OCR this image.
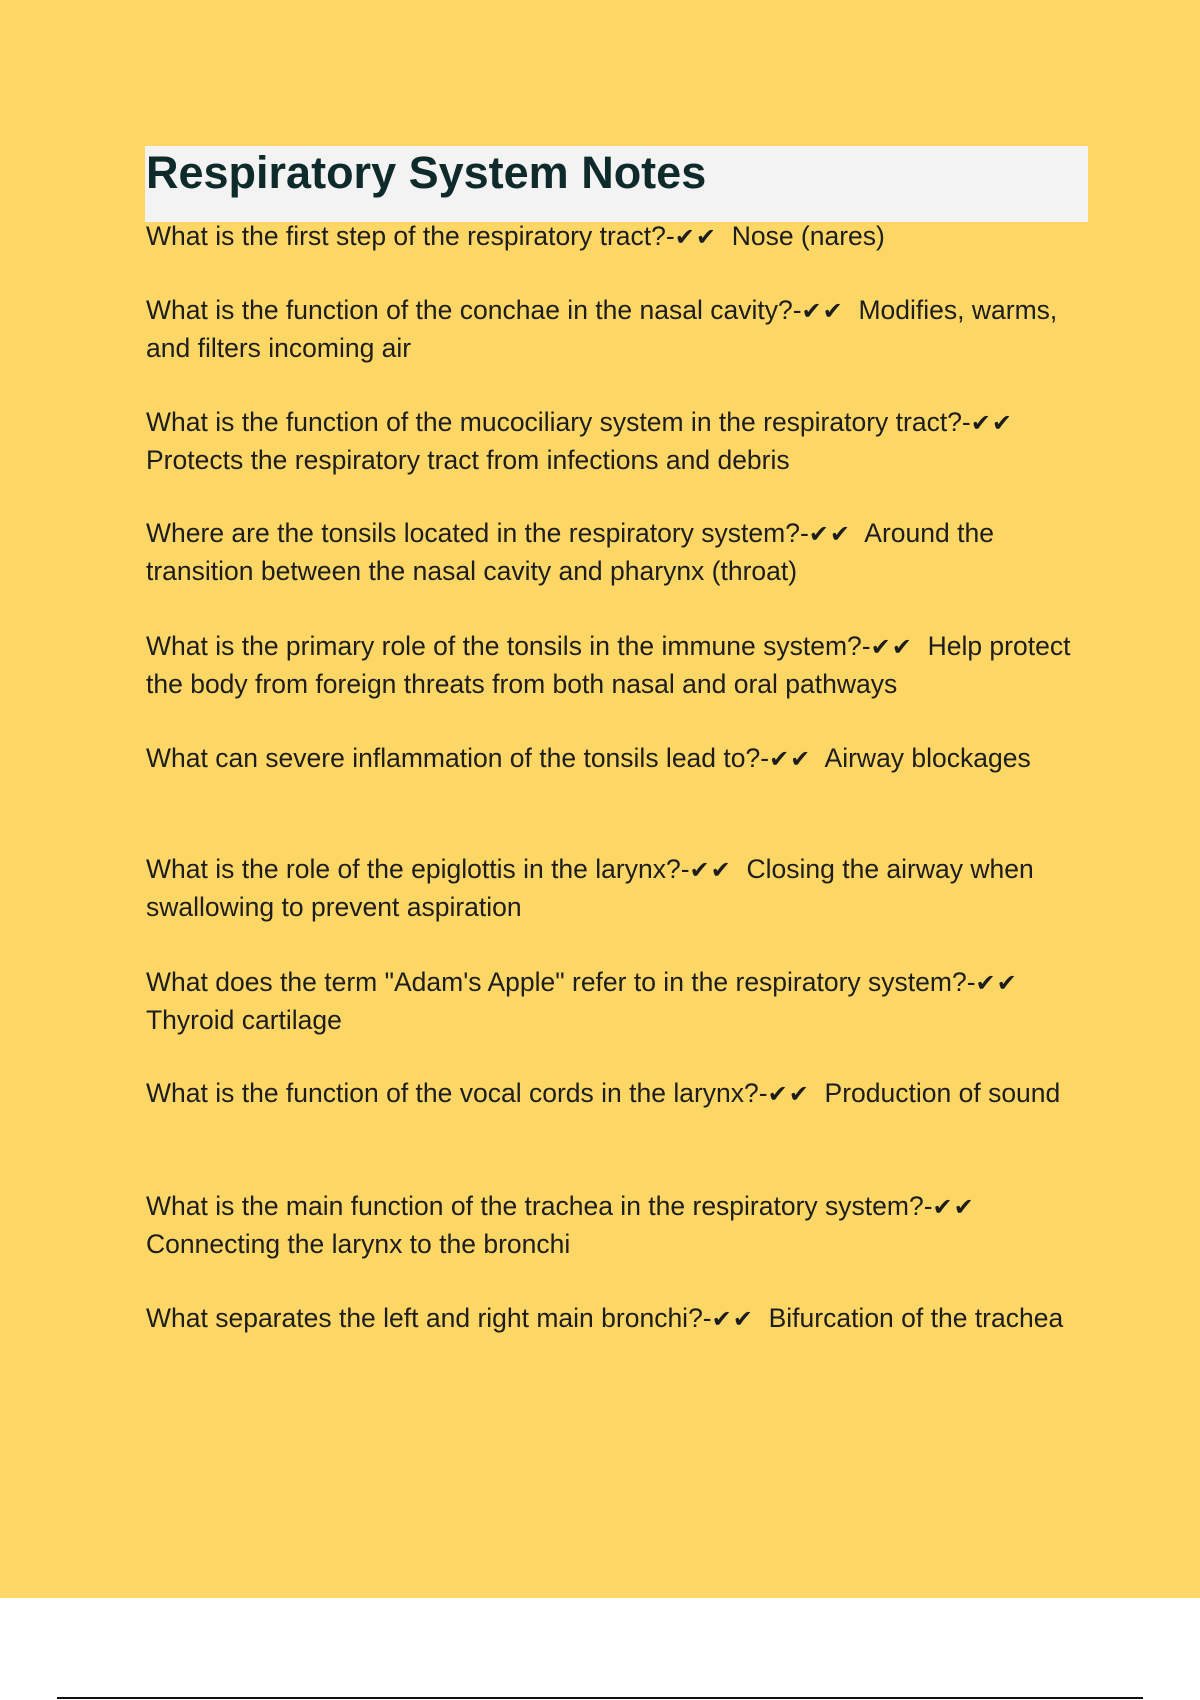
Respiratory System Notes
What is the first step of the respiratory tract?-✔✔ Nose (nares)
What is the function of the conchae in the nasal cavity?-✔✔ Modifies, warms, and filters incoming air
What is the function of the mucociliary system in the respiratory tract?-✔✔ Protects the respiratory tract from infections and debris
Where are the tonsils located in the respiratory system?-✔✔ Around the transition between the nasal cavity and pharynx (throat)
What is the primary role of the tonsils in the immune system?-✔✔ Help protect the body from foreign threats from both nasal and oral pathways
What can severe inflammation of the tonsils lead to?-✔✔ Airway blockages
What is the role of the epiglottis in the larynx?-✔✔ Closing the airway when swallowing to prevent aspiration
What does the term "Adam's Apple" refer to in the respiratory system?-✔✔ Thyroid cartilage
What is the function of the vocal cords in the larynx?-✔✔ Production of sound
What is the main function of the trachea in the respiratory system?-✔✔ Connecting the larynx to the bronchi
What separates the left and right main bronchi?-✔✔ Bifurcation of the trachea
